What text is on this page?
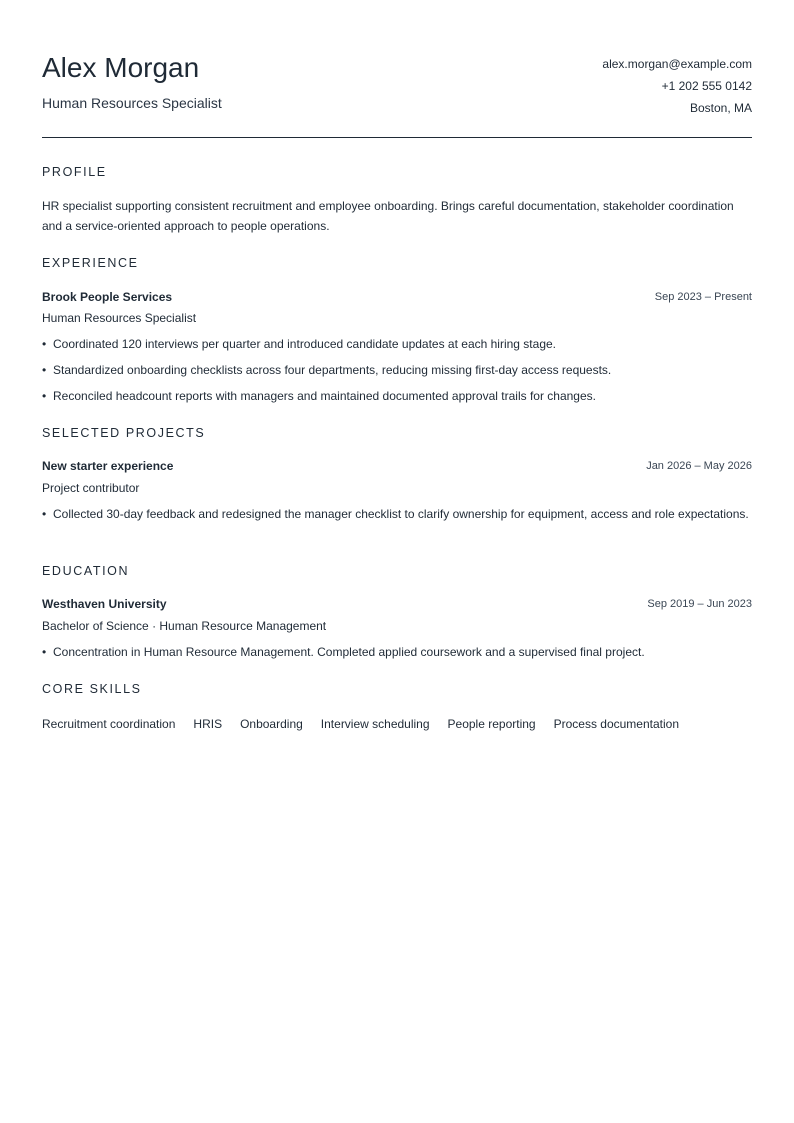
Alex Morgan
Human Resources Specialist
alex.morgan@example.com
+1 202 555 0142
Boston, MA
PROFILE
HR specialist supporting consistent recruitment and employee onboarding. Brings careful documentation, stakeholder coordination and a service-oriented approach to people operations.
EXPERIENCE
Brook People Services	Sep 2023 – Present
Human Resources Specialist
• Coordinated 120 interviews per quarter and introduced candidate updates at each hiring stage.
• Standardized onboarding checklists across four departments, reducing missing first-day access requests.
• Reconciled headcount reports with managers and maintained documented approval trails for changes.
SELECTED PROJECTS
New starter experience	Jan 2026 – May 2026
Project contributor
• Collected 30-day feedback and redesigned the manager checklist to clarify ownership for equipment, access and role expectations.
EDUCATION
Westhaven University	Sep 2019 – Jun 2023
Bachelor of Science · Human Resource Management
• Concentration in Human Resource Management. Completed applied coursework and a supervised final project.
CORE SKILLS
Recruitment coordination HRIS Onboarding Interview scheduling People reporting Process documentation
